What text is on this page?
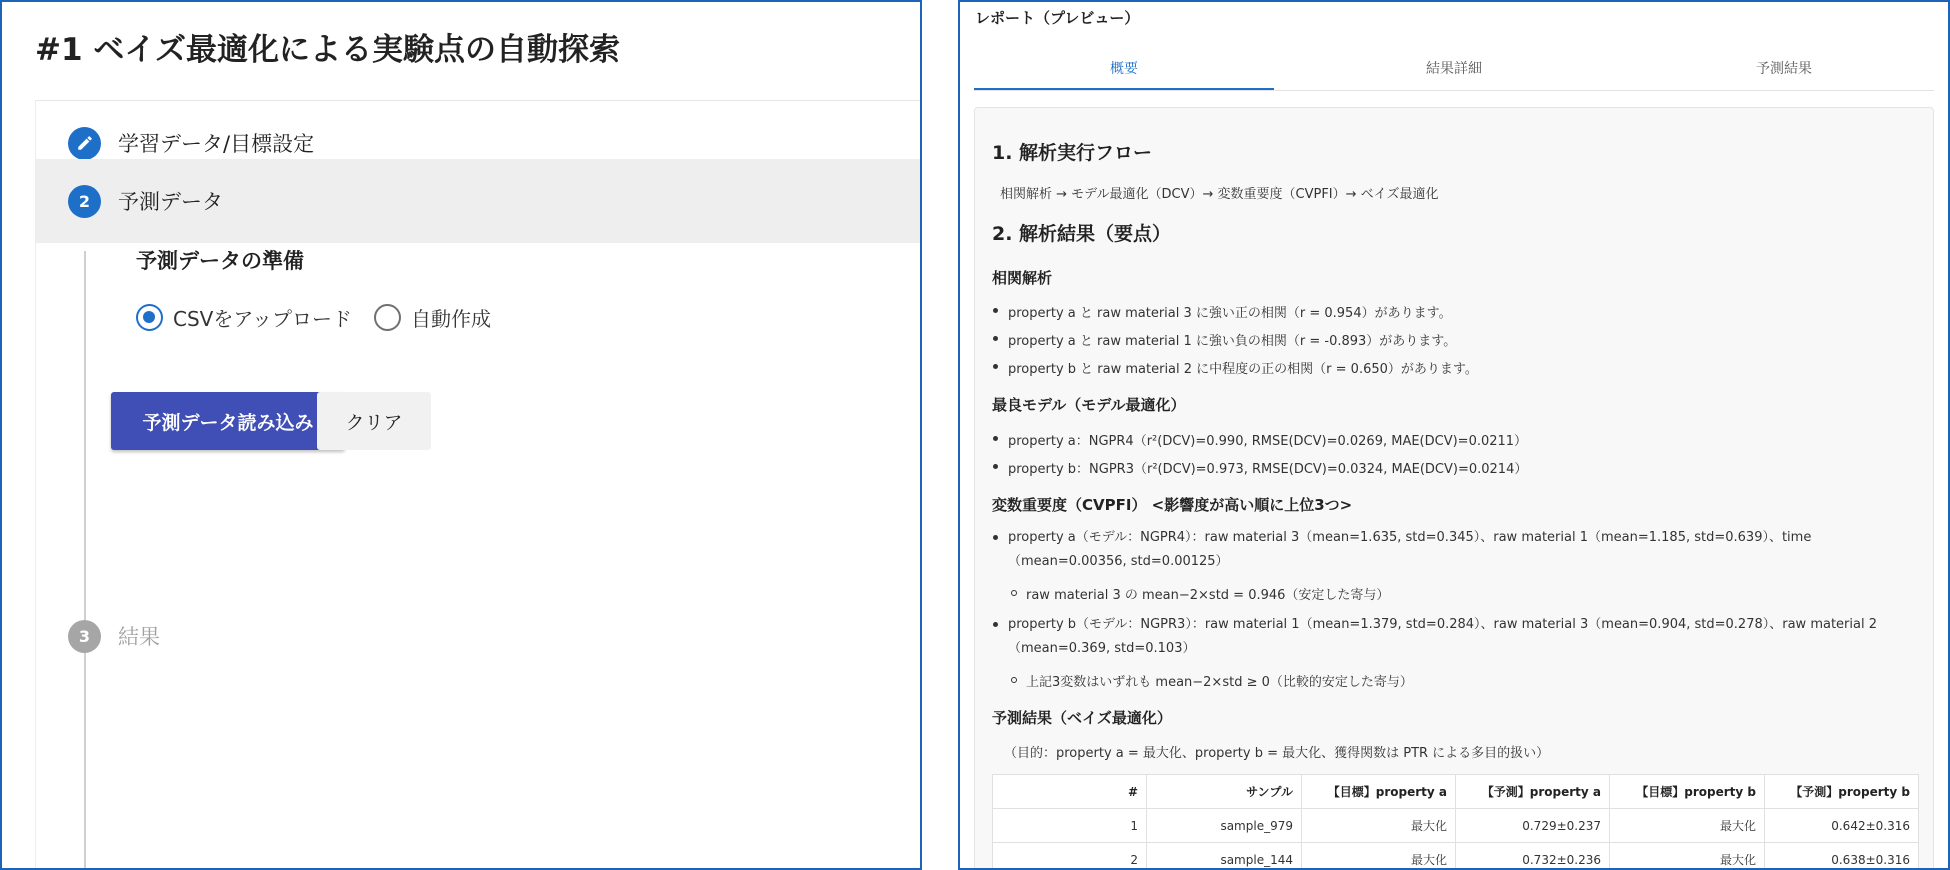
#1 ベイズ最適化による実験点の自動探索
学習データ/目標設定
2	予測データ
予測データの準備
CSVをアップロード	自動作成
予測データ読み込み	クリア
3	結果
レポート（プレビュー）
概要	結果詳細	予測結果
1. 解析実行フロー
相関解析 → モデル最適化（DCV）→ 変数重要度（CVPFI）→ ベイズ最適化
2. 解析結果（要点）
相関解析
property a と raw material 3 に強い正の相関（r = 0.954）があります。
property a と raw material 1 に強い負の相関（r = -0.893）があります。
property b と raw material 2 に中程度の正の相関（r = 0.650）があります。
最良モデル（モデル最適化）
property a：NGPR4（r²(DCV)=0.990, RMSE(DCV)=0.0269, MAE(DCV)=0.0211）
property b：NGPR3（r²(DCV)=0.973, RMSE(DCV)=0.0324, MAE(DCV)=0.0214）
変数重要度（CVPFI） <影響度が高い順に上位3つ>
property a（モデル：NGPR4）：raw material 3（mean=1.635, std=0.345）、raw material 1（mean=1.185, std=0.639）、time（mean=0.00356, std=0.00125）
raw material 3 の mean−2×std = 0.946（安定した寄与）
property b（モデル：NGPR3）：raw material 1（mean=1.379, std=0.284）、raw material 3（mean=0.904, std=0.278）、raw material 2（mean=0.369, std=0.103）
上記3変数はいずれも mean−2×std ≥ 0（比較的安定した寄与）
予測結果（ベイズ最適化）
（目的：property a = 最大化、property b = 最大化、獲得関数は PTR による多目的扱い）
#	サンプル	【目標】property a	【予測】property a	【目標】property b	【予測】property b
1	sample_979	最大化	0.729±0.237	最大化	0.642±0.316
2	sample_144	最大化	0.732±0.236	最大化	0.638±0.316
